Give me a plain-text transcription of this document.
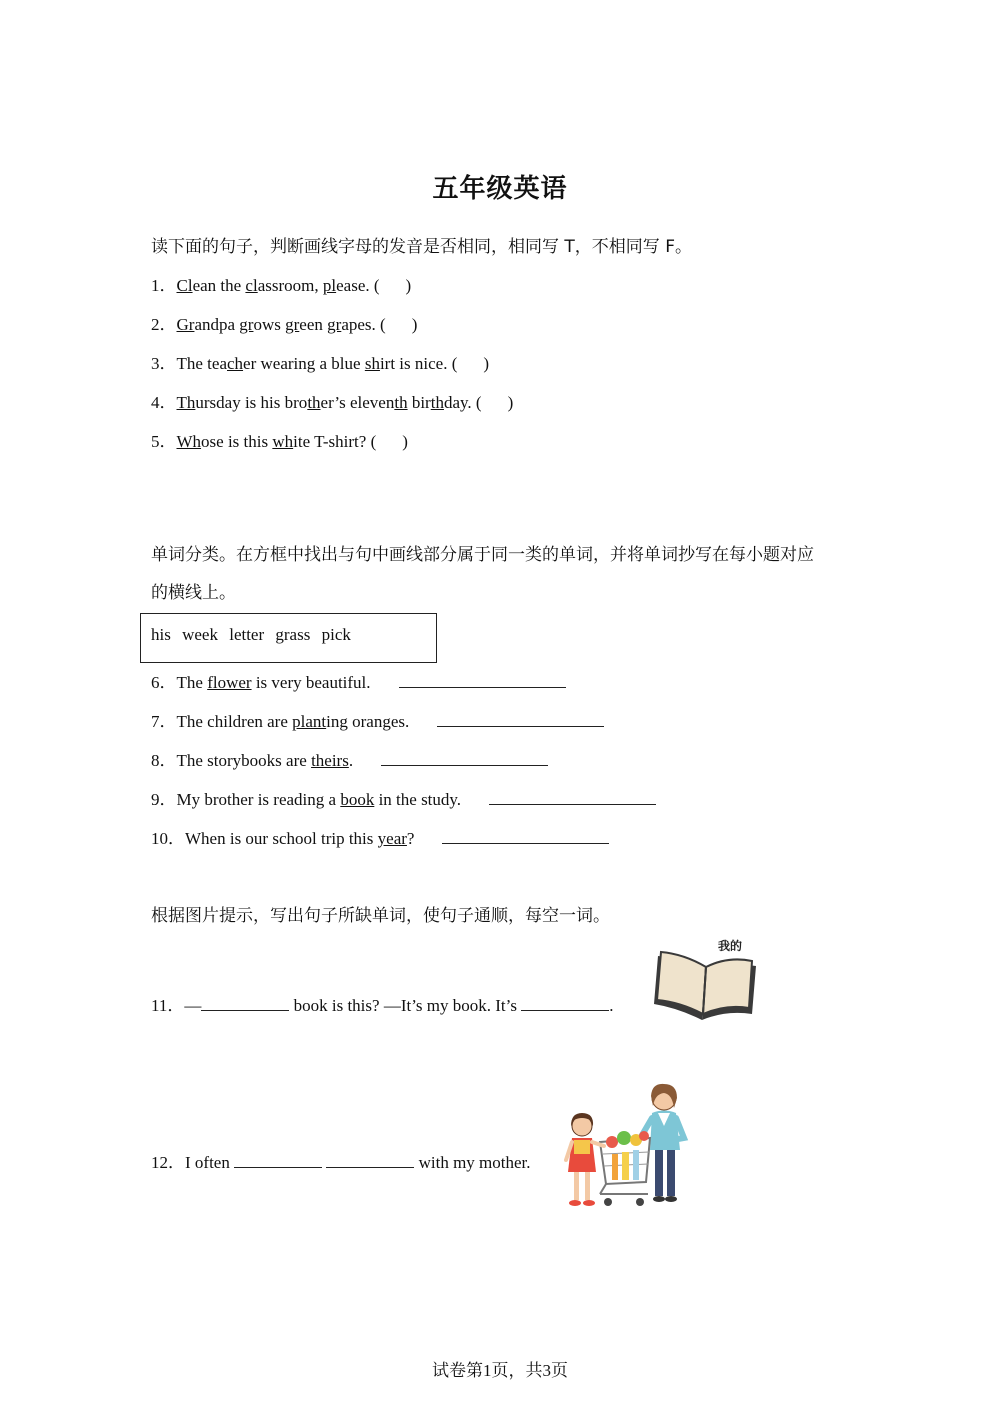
五年级英语
读下面的句子，判断画线字母的发音是否相同，相同写 T，不相同写 F。
1．Clean the classroom, please. ( )
2．Grandpa grows green grapes. ( )
3．The teacher wearing a blue shirt is nice. ( )
4．Thursday is his brother’s eleventh birthday. ( )
5．Whose is this white T-shirt? ( )
单词分类。在方框中找出与句中画线部分属于同一类的单词，并将单词抄写在每小题对应
的横线上。
his week letter grass pick
6．The flower is very beautiful.
7．The children are planting oranges.
8．The storybooks are theirs.
9．My brother is reading a book in the study.
10．When is our school trip this year?
根据图片提示，写出句子所缺单词，使句子通顺，每空一词。
11．—	book is this? —It’s my book. It’s	.
我的
12．I often	with my mother.
试卷第1页，共3页
